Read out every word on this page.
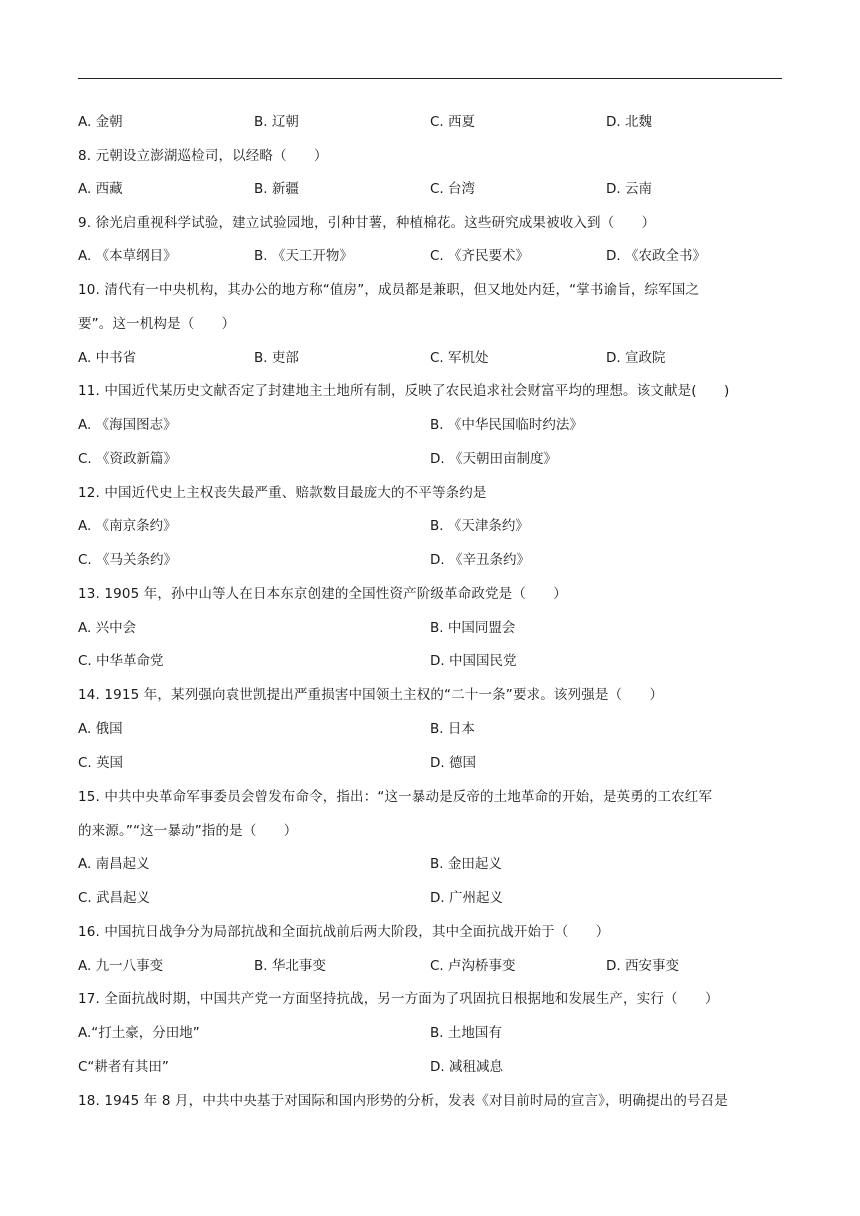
A. 金朝	B. 辽朝	C. 西夏	D. 北魏
8. 元朝设立澎湖巡检司，以经略（　　）
A. 西藏	B. 新疆	C. 台湾	D. 云南
9. 徐光启重视科学试验，建立试验园地，引种甘薯，种植棉花。这些研究成果被收入到（　　）
A. 《本草纲目》	B. 《天工开物》	C. 《齐民要术》	D. 《农政全书》
10. 清代有一中央机构，其办公的地方称“值房”，成员都是兼职，但又地处内廷，“掌书谕旨，综军国之
要”。这一机构是（　　）
A. 中书省	B. 吏部	C. 军机处	D. 宣政院
11. 中国近代某历史文献否定了封建地主土地所有制，反映了农民追求社会财富平均的理想。该文献是(　　)
A. 《海国图志》	B. 《中华民国临时约法》
C. 《资政新篇》	D. 《天朝田亩制度》
12. 中国近代史上主权丧失最严重、赔款数目最庞大的不平等条约是
A. 《南京条约》	B. 《天津条约》
C. 《马关条约》	D. 《辛丑条约》
13. 1905 年，孙中山等人在日本东京创建的全国性资产阶级革命政党是（　　）
A. 兴中会	B. 中国同盟会
C. 中华革命党	D. 中国国民党
14. 1915 年，某列强向袁世凯提出严重损害中国领土主权的“二十一条”要求。该列强是（　　）
A. 俄国	B. 日本
C. 英国	D. 德国
15. 中共中央革命军事委员会曾发布命令，指出：“这一暴动是反帝的土地革命的开始，是英勇的工农红军
的来源。”“这一暴动”指的是（　　）
A. 南昌起义	B. 金田起义
C. 武昌起义	D. 广州起义
16. 中国抗日战争分为局部抗战和全面抗战前后两大阶段，其中全面抗战开始于（　　）
A. 九一八事变	B. 华北事变	C. 卢沟桥事变	D. 西安事变
17. 全面抗战时期，中国共产党一方面坚持抗战，另一方面为了巩固抗日根据地和发展生产，实行（　　）
A.“打土豪，分田地”	B. 土地国有
C“耕者有其田”	D. 减租减息
18. 1945 年 8 月，中共中央基于对国际和国内形势的分析，发表《对目前时局的宣言》，明确提出的号召是
